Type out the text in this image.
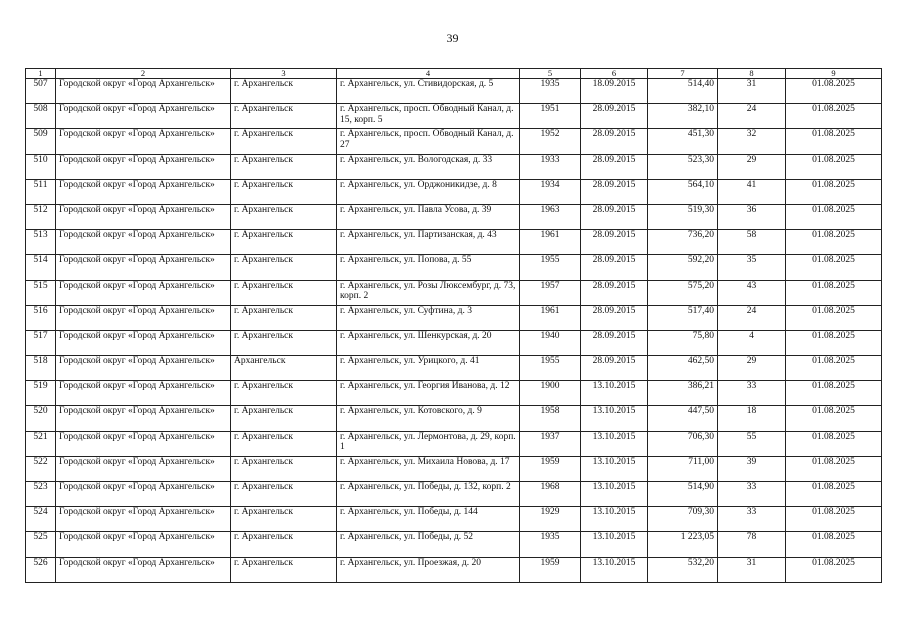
39
1	2	3	4	5	6	7	8	9
507	Городской округ «Город Архангельск»	г. Архангельск	г. Архангельск, ул. Стивидорская, д. 5	1935	18.09.2015	514,40	31	01.08.2025
508	Городской округ «Город Архангельск»	г. Архангельск	г. Архангельск, просп. Обводный Канал, д. 15, корп. 5	1951	28.09.2015	382,10	24	01.08.2025
509	Городской округ «Город Архангельск»	г. Архангельск	г. Архангельск, просп. Обводный Канал, д. 27	1952	28.09.2015	451,30	32	01.08.2025
510	Городской округ «Город Архангельск»	г. Архангельск	г. Архангельск, ул. Вологодская, д. 33	1933	28.09.2015	523,30	29	01.08.2025
511	Городской округ «Город Архангельск»	г. Архангельск	г. Архангельск, ул. Орджоникидзе, д. 8	1934	28.09.2015	564,10	41	01.08.2025
512	Городской округ «Город Архангельск»	г. Архангельск	г. Архангельск, ул. Павла Усова, д. 39	1963	28.09.2015	519,30	36	01.08.2025
513	Городской округ «Город Архангельск»	г. Архангельск	г. Архангельск, ул. Партизанская, д. 43	1961	28.09.2015	736,20	58	01.08.2025
514	Городской округ «Город Архангельск»	г. Архангельск	г. Архангельск, ул. Попова, д. 55	1955	28.09.2015	592,20	35	01.08.2025
515	Городской округ «Город Архангельск»	г. Архангельск	г. Архангельск, ул. Розы Люксембург, д. 73, корп. 2	1957	28.09.2015	575,20	43	01.08.2025
516	Городской округ «Город Архангельск»	г. Архангельск	г. Архангельск, ул. Суфтина, д. 3	1961	28.09.2015	517,40	24	01.08.2025
517	Городской округ «Город Архангельск»	г. Архангельск	г. Архангельск, ул. Шенкурская, д. 20	1940	28.09.2015	75,80	4	01.08.2025
518	Городской округ «Город Архангельск»	Архангельск	г. Архангельск, ул. Урицкого, д. 41	1955	28.09.2015	462,50	29	01.08.2025
519	Городской округ «Город Архангельск»	г. Архангельск	г. Архангельск, ул. Георгия Иванова, д. 12	1900	13.10.2015	386,21	33	01.08.2025
520	Городской округ «Город Архангельск»	г. Архангельск	г. Архангельск, ул. Котовского, д. 9	1958	13.10.2015	447,50	18	01.08.2025
521	Городской округ «Город Архангельск»	г. Архангельск	г. Архангельск, ул. Лермонтова, д. 29, корп. 1	1937	13.10.2015	706,30	55	01.08.2025
522	Городской округ «Город Архангельск»	г. Архангельск	г. Архангельск, ул. Михаила Новова, д. 17	1959	13.10.2015	711,00	39	01.08.2025
523	Городской округ «Город Архангельск»	г. Архангельск	г. Архангельск, ул. Победы, д. 132, корп. 2	1968	13.10.2015	514,90	33	01.08.2025
524	Городской округ «Город Архангельск»	г. Архангельск	г. Архангельск, ул. Победы, д. 144	1929	13.10.2015	709,30	33	01.08.2025
525	Городской округ «Город Архангельск»	г. Архангельск	г. Архангельск, ул. Победы, д. 52	1935	13.10.2015	1 223,05	78	01.08.2025
526	Городской округ «Город Архангельск»	г. Архангельск	г. Архангельск, ул. Проезжая, д. 20	1959	13.10.2015	532,20	31	01.08.2025
